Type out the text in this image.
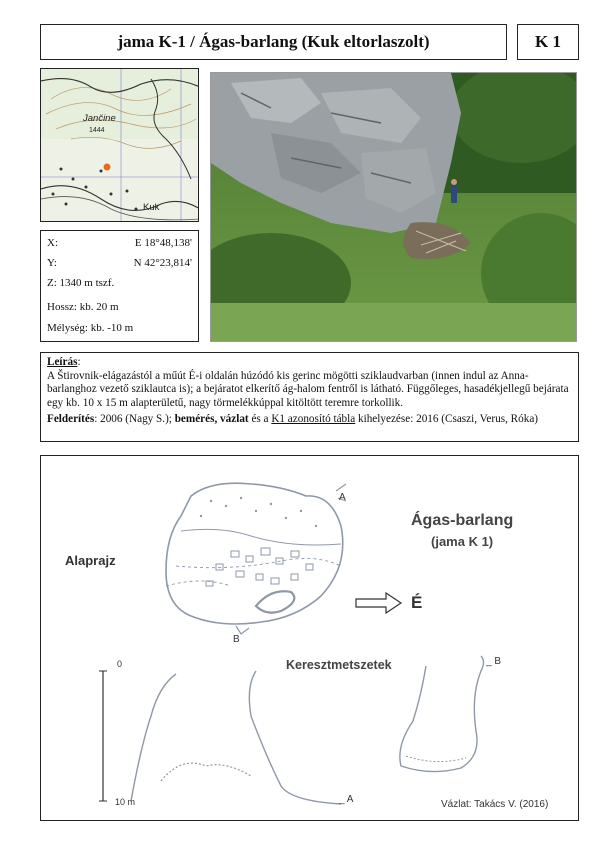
jama K-1 / Ágas-barlang (Kuk eltorlaszolt)	K 1
Jančine
1444
Kuk
X:	E 18°48,138'
Y:	N 42°23,814'
Z: 1340 m tszf.
Hossz: kb. 20 m
Mélység: kb. -10 m

Leírás:

A Štirovnik-elágazástól a műút É-i oldalán húzódó kis gerinc mögötti sziklaudvarban (innen indul az Anna-barlanghoz vezető sziklautca is); a bejáratot elkerítő ág-halom fentről is látható. Függőleges, hasadékjellegű bejárata egy kb. 10 x 15 m alapterületű, nagy törmelékkúppal kitöltött teremre torkollik.

Felderítés: 2006 (Nagy S.); bemérés, vázlat és a K1 azonosító tábla kihelyezése: 2016 (Csaszi, Verus, Róka)

Alaprajz
Ágas-barlang
(jama K 1)
É
A
B
Keresztmetszetek	_ B
_ A
0
10 m	Vázlat: Takács V. (2016)
